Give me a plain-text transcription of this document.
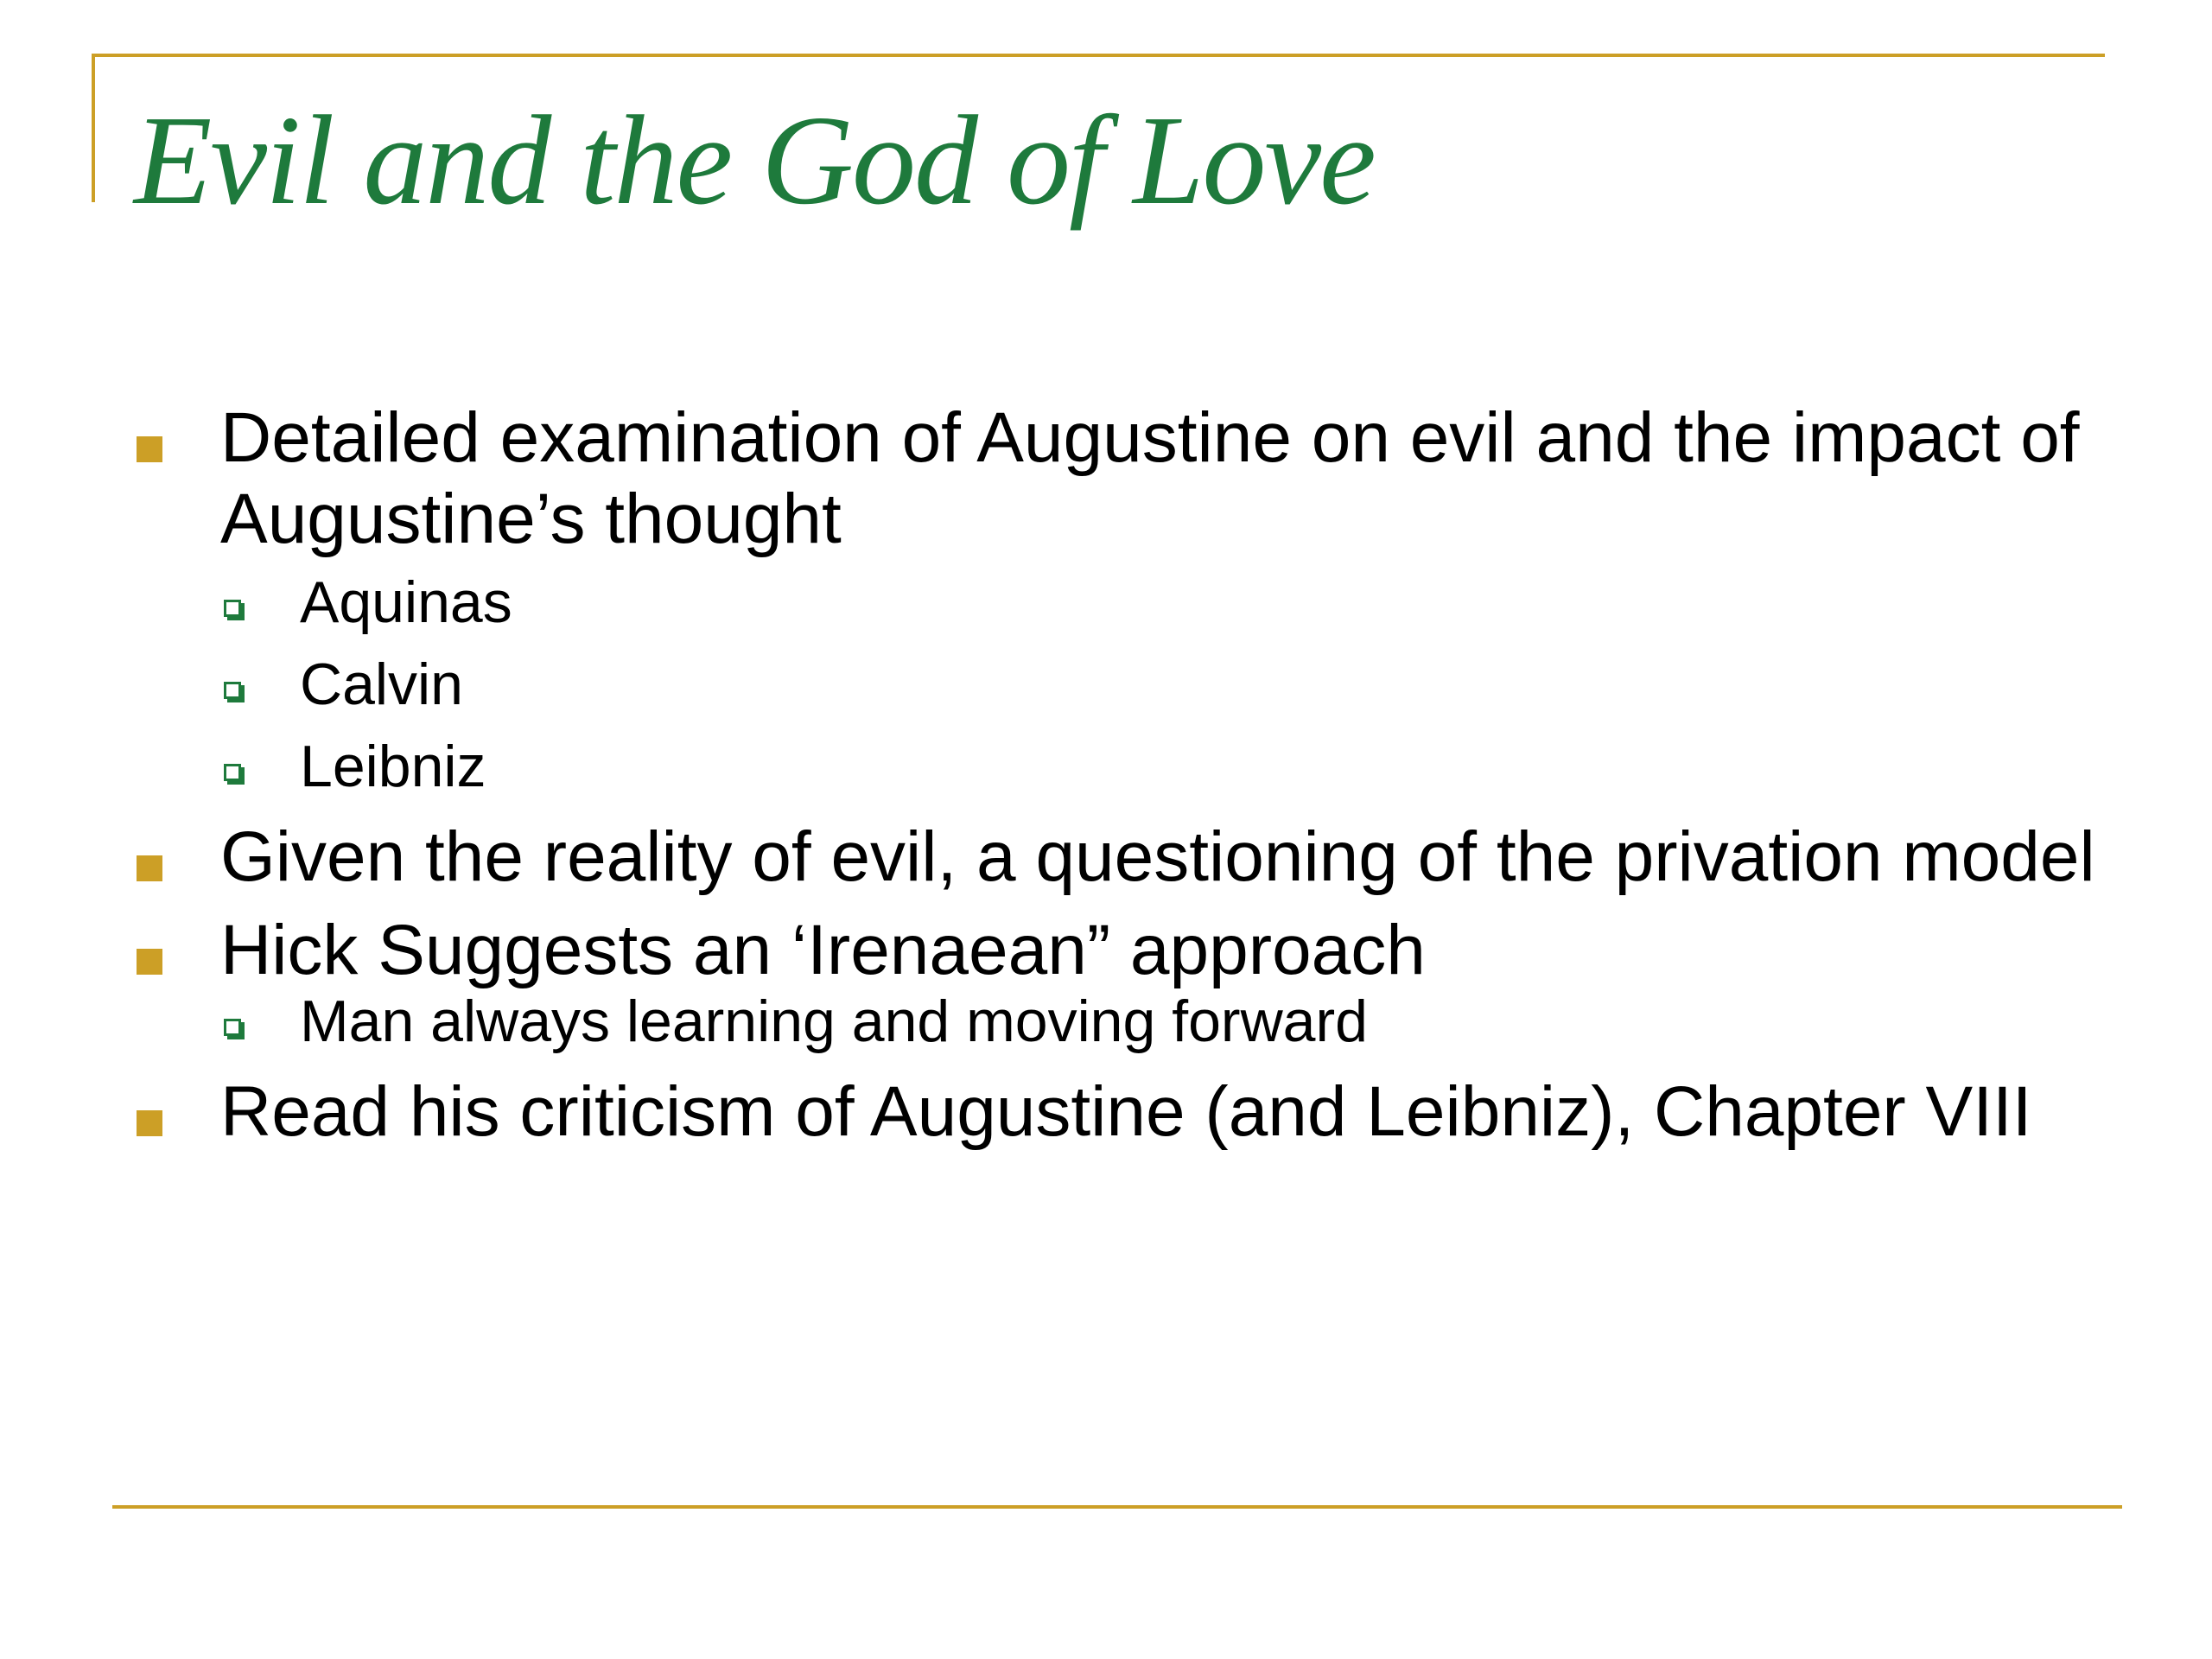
Evil and the God of Love
Detailed examination of Augustine on evil and the impact of Augustine’s thought
Aquinas
Calvin
Leibniz
Given the reality of evil, a questioning of the privation model
Hick Suggests an ‘Irenaean” approach
Man always learning and moving forward
Read his criticism of Augustine (and Leibniz), Chapter VIII
